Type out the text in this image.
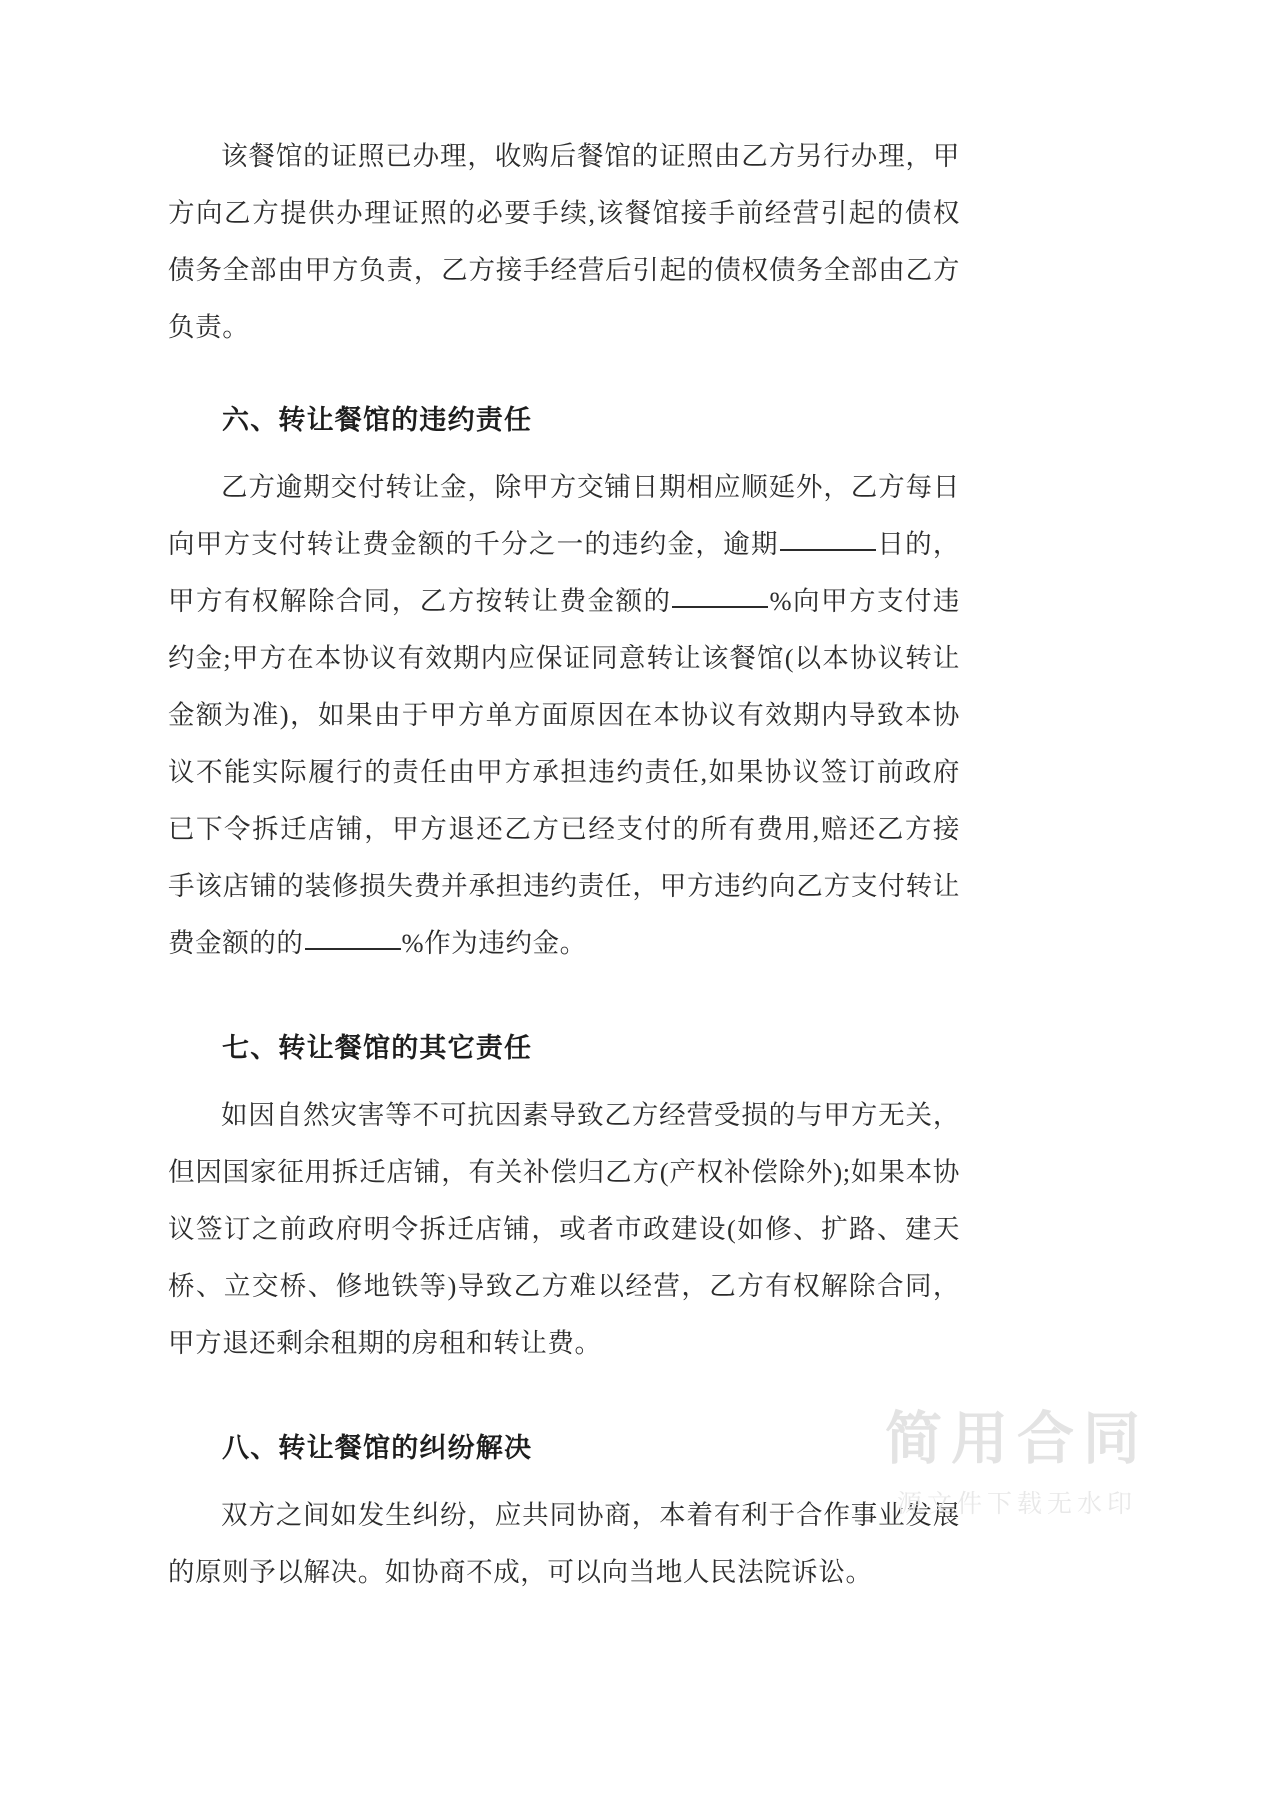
该餐馆的证照已办理，收购后餐馆的证照由乙方另行办理，甲方向乙方提供办理证照的必要手续,该餐馆接手前经营引起的债权债务全部由甲方负责，乙方接手经营后引起的债权债务全部由乙方负责。

六、转让餐馆的违约责任

乙方逾期交付转让金，除甲方交铺日期相应顺延外，乙方每日向甲方支付转让费金额的千分之一的违约金，逾期	日的，甲方有权解除合同，乙方按转让费金额的	%向甲方支付违约金;甲方在本协议有效期内应保证同意转让该餐馆(以本协议转让金额为准)，如果由于甲方单方面原因在本协议有效期内导致本协议不能实际履行的责任由甲方承担违约责任,如果协议签订前政府已下令拆迁店铺，甲方退还乙方已经支付的所有费用,赔还乙方接手该店铺的装修损失费并承担违约责任，甲方违约向乙方支付转让费金额的的	%作为违约金。

七、转让餐馆的其它责任

如因自然灾害等不可抗因素导致乙方经营受损的与甲方无关，但因国家征用拆迁店铺，有关补偿归乙方(产权补偿除外);如果本协议签订之前政府明令拆迁店铺，或者市政建设(如修、扩路、建天桥、立交桥、修地铁等)导致乙方难以经营，乙方有权解除合同，甲方退还剩余租期的房租和转让费。

八、转让餐馆的纠纷解决

双方之间如发生纠纷，应共同协商，本着有利于合作事业发展的原则予以解决。如协商不成，可以向当地人民法院诉讼。

简用合同
源文件下载无水印
